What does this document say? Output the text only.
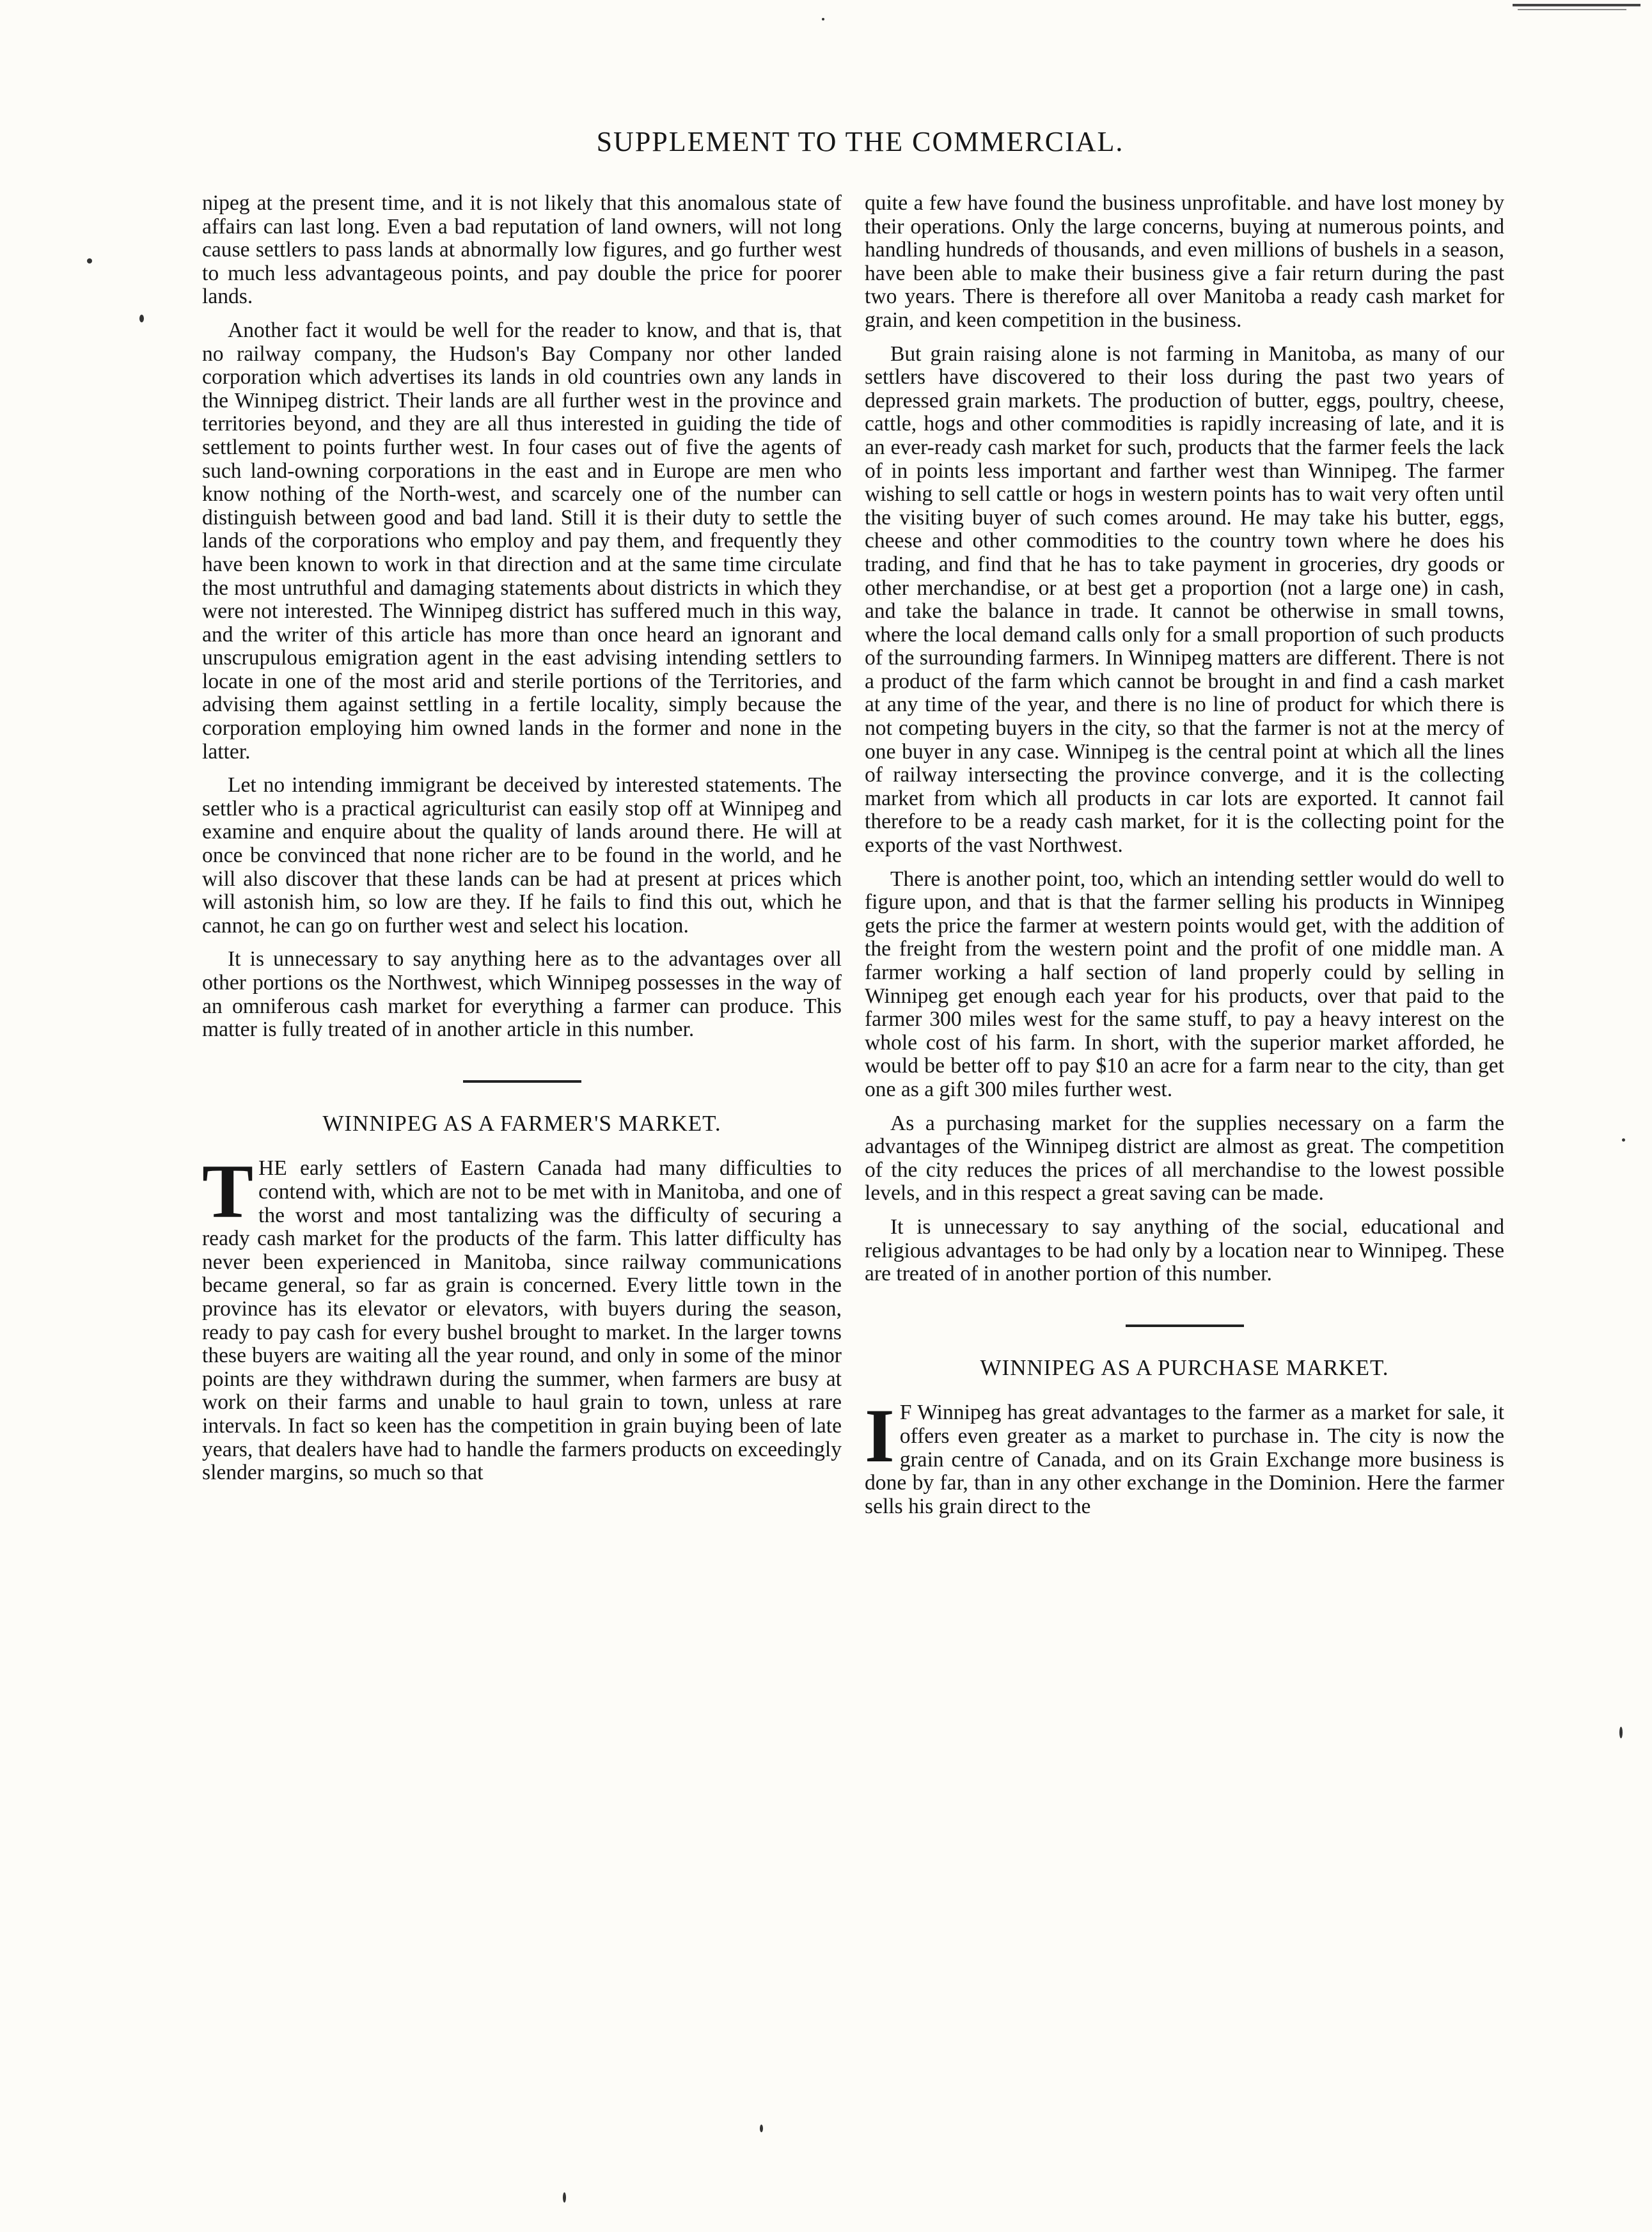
SUPPLEMENT TO THE COMMERCIAL.

nipeg at the present time, and it is not likely that this anomalous state of affairs can last long. Even a bad reputation of land owners, will not long cause settlers to pass lands at abnormally low figures, and go further west to much less advantageous points, and pay double the price for poorer lands.

Another fact it would be well for the reader to know, and that is, that no railway company, the Hudson's Bay Company nor other landed corporation which advertises its lands in old countries own any lands in the Winnipeg district. Their lands are all further west in the province and territories beyond, and they are all thus interested in guiding the tide of settlement to points further west. In four cases out of five the agents of such land-owning corporations in the east and in Europe are men who know nothing of the North-west, and scarcely one of the number can distinguish between good and bad land. Still it is their duty to settle the lands of the corporations who employ and pay them, and frequently they have been known to work in that direction and at the same time circulate the most untruthful and damaging statements about districts in which they were not interested. The Winnipeg district has suffered much in this way, and the writer of this article has more than once heard an ignorant and unscrupulous emigration agent in the east advising intending settlers to locate in one of the most arid and sterile portions of the Territories, and advising them against settling in a fertile locality, simply because the corporation employing him owned lands in the former and none in the latter.

Let no intending immigrant be deceived by interested statements. The settler who is a practical agriculturist can easily stop off at Winnipeg and examine and enquire about the quality of lands around there. He will at once be convinced that none richer are to be found in the world, and he will also discover that these lands can be had at present at prices which will astonish him, so low are they. If he fails to find this out, which he cannot, he can go on further west and select his location.

It is unnecessary to say anything here as to the advantages over all other portions os the Northwest, which Winnipeg possesses in the way of an omniferous cash market for everything a farmer can produce. This matter is fully treated of in another article in this number.

WINNIPEG AS A FARMER'S MARKET.

THE early settlers of Eastern Canada had many difficulties to contend with, which are not to be met with in Manitoba, and one of the worst and most tantalizing was the difficulty of securing a ready cash market for the products of the farm. This latter difficulty has never been experienced in Manitoba, since railway communications became general, so far as grain is concerned. Every little town in the province has its elevator or elevators, with buyers during the season, ready to pay cash for every bushel brought to market. In the larger towns these buyers are waiting all the year round, and only in some of the minor points are they withdrawn during the summer, when farmers are busy at work on their farms and unable to haul grain to town, unless at rare intervals. In fact so keen has the competition in grain buying been of late years, that dealers have had to handle the farmers products on exceedingly slender margins, so much so that

quite a few have found the business unprofitable. and have lost money by their operations. Only the large concerns, buying at numerous points, and handling hundreds of thousands, and even millions of bushels in a season, have been able to make their business give a fair return during the past two years. There is therefore all over Manitoba a ready cash market for grain, and keen competition in the business.

But grain raising alone is not farming in Manitoba, as many of our settlers have discovered to their loss during the past two years of depressed grain markets. The production of butter, eggs, poultry, cheese, cattle, hogs and other commodities is rapidly increasing of late, and it is an ever-ready cash market for such, products that the farmer feels the lack of in points less important and farther west than Winnipeg. The farmer wishing to sell cattle or hogs in western points has to wait very often until the visiting buyer of such comes around. He may take his butter, eggs, cheese and other commodities to the country town where he does his trading, and find that he has to take payment in groceries, dry goods or other merchandise, or at best get a proportion (not a large one) in cash, and take the balance in trade. It cannot be otherwise in small towns, where the local demand calls only for a small proportion of such products of the surrounding farmers. In Winnipeg matters are different. There is not a product of the farm which cannot be brought in and find a cash market at any time of the year, and there is no line of product for which there is not competing buyers in the city, so that the farmer is not at the mercy of one buyer in any case. Winnipeg is the central point at which all the lines of railway intersecting the province converge, and it is the collecting market from which all products in car lots are exported. It cannot fail therefore to be a ready cash market, for it is the collecting point for the exports of the vast Northwest.

There is another point, too, which an intending settler would do well to figure upon, and that is that the farmer selling his products in Winnipeg gets the price the farmer at western points would get, with the addition of the freight from the western point and the profit of one middle man. A farmer working a half section of land properly could by selling in Winnipeg get enough each year for his products, over that paid to the farmer 300 miles west for the same stuff, to pay a heavy interest on the whole cost of his farm. In short, with the superior market afforded, he would be better off to pay $10 an acre for a farm near to the city, than get one as a gift 300 miles further west.

As a purchasing market for the supplies necessary on a farm the advantages of the Winnipeg district are almost as great. The competition of the city reduces the prices of all merchandise to the lowest possible levels, and in this respect a great saving can be made.

It is unnecessary to say anything of the social, educational and religious advantages to be had only by a location near to Winnipeg. These are treated of in another portion of this number.

WINNIPEG AS A PURCHASE MARKET.

I F Winnipeg has great advantages to the farmer as a market for sale, it offers even greater as a market to purchase in. The city is now the grain centre of Canada, and on its Grain Exchange more business is done by far, than in any other exchange in the Dominion. Here the farmer sells his grain direct to the
